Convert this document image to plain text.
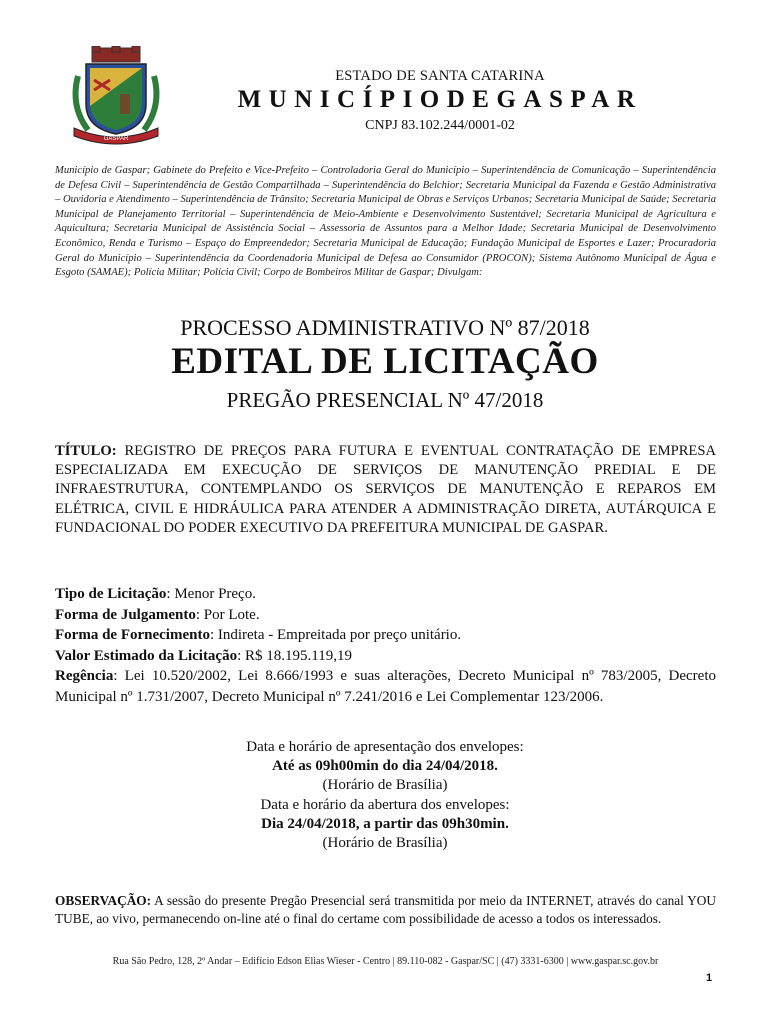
GASPAR
ESTADO DE SANTA CATARINA
MUNICÍPIODEGASPAR
CNPJ 83.102.244/0001-02
Município de Gaspar; Gabinete do Prefeito e Vice-Prefeito – Controladoria Geral do Município – Superintendência de Comunicação – Superintendência de Defesa Civil – Superintendência de Gestão Compartilhada – Superintendência do Belchior; Secretaria Municipal da Fazenda e Gestão Administrativa – Ouvidoria e Atendimento – Superintendência de Trânsito; Secretaria Municipal de Obras e Serviços Urbanos; Secretaria Municipal de Saúde; Secretaria Municipal de Planejamento Territorial – Superintendência de Meio-Ambiente e Desenvolvimento Sustentável; Secretaria Municipal de Agricultura e Aquicultura; Secretaria Municipal de Assistência Social – Assessoria de Assuntos para a Melhor Idade; Secretaria Municipal de Desenvolvimento Econômico, Renda e Turismo – Espaço do Empreendedor; Secretaria Municipal de Educação; Fundação Municipal de Esportes e Lazer; Procuradoria Geral do Município – Superintendência da Coordenadoria Municipal de Defesa ao Consumidor (PROCON); Sistema Autônomo Municipal de Água e Esgoto (SAMAE); Polícia Militar; Polícia Civil; Corpo de Bombeiros Militar de Gaspar; Divulgam:
PROCESSO ADMINISTRATIVO Nº 87/2018
EDITAL DE LICITAÇÃO
PREGÃO PRESENCIAL Nº 47/2018
TÍTULO: REGISTRO DE PREÇOS PARA FUTURA E EVENTUAL CONTRATAÇÃO DE EMPRESA ESPECIALIZADA EM EXECUÇÃO DE SERVIÇOS DE MANUTENÇÃO PREDIAL E DE INFRAESTRUTURA, CONTEMPLANDO OS SERVIÇOS DE MANUTENÇÃO E REPAROS EM ELÉTRICA, CIVIL E HIDRÁULICA PARA ATENDER A ADMINISTRAÇÃO DIRETA, AUTÁRQUICA E FUNDACIONAL DO PODER EXECUTIVO DA PREFEITURA MUNICIPAL DE GASPAR.

Tipo de Licitação: Menor Preço.

Forma de Julgamento: Por Lote.

Forma de Fornecimento: Indireta - Empreitada por preço unitário.

Valor Estimado da Licitação: R$ 18.195.119,19

Regência: Lei 10.520/2002, Lei 8.666/1993 e suas alterações, Decreto Municipal nº 783/2005, Decreto Municipal nº 1.731/2007, Decreto Municipal nº 7.241/2016 e Lei Complementar 123/2006.

Data e horário de apresentação dos envelopes:

Até as 09h00min do dia 24/04/2018.

(Horário de Brasília)

Data e horário da abertura dos envelopes:

Dia 24/04/2018, a partir das 09h30min.

(Horário de Brasília)

OBSERVAÇÃO: A sessão do presente Pregão Presencial será transmitida por meio da INTERNET, através do canal YOU TUBE, ao vivo, permanecendo on-line até o final do certame com possibilidade de acesso a todos os interessados.
Rua São Pedro, 128, 2º Andar – Edifício Edson Elias Wieser - Centro | 89.110-082 - Gaspar/SC | (47) 3331-6300 | www.gaspar.sc.gov.br
1
